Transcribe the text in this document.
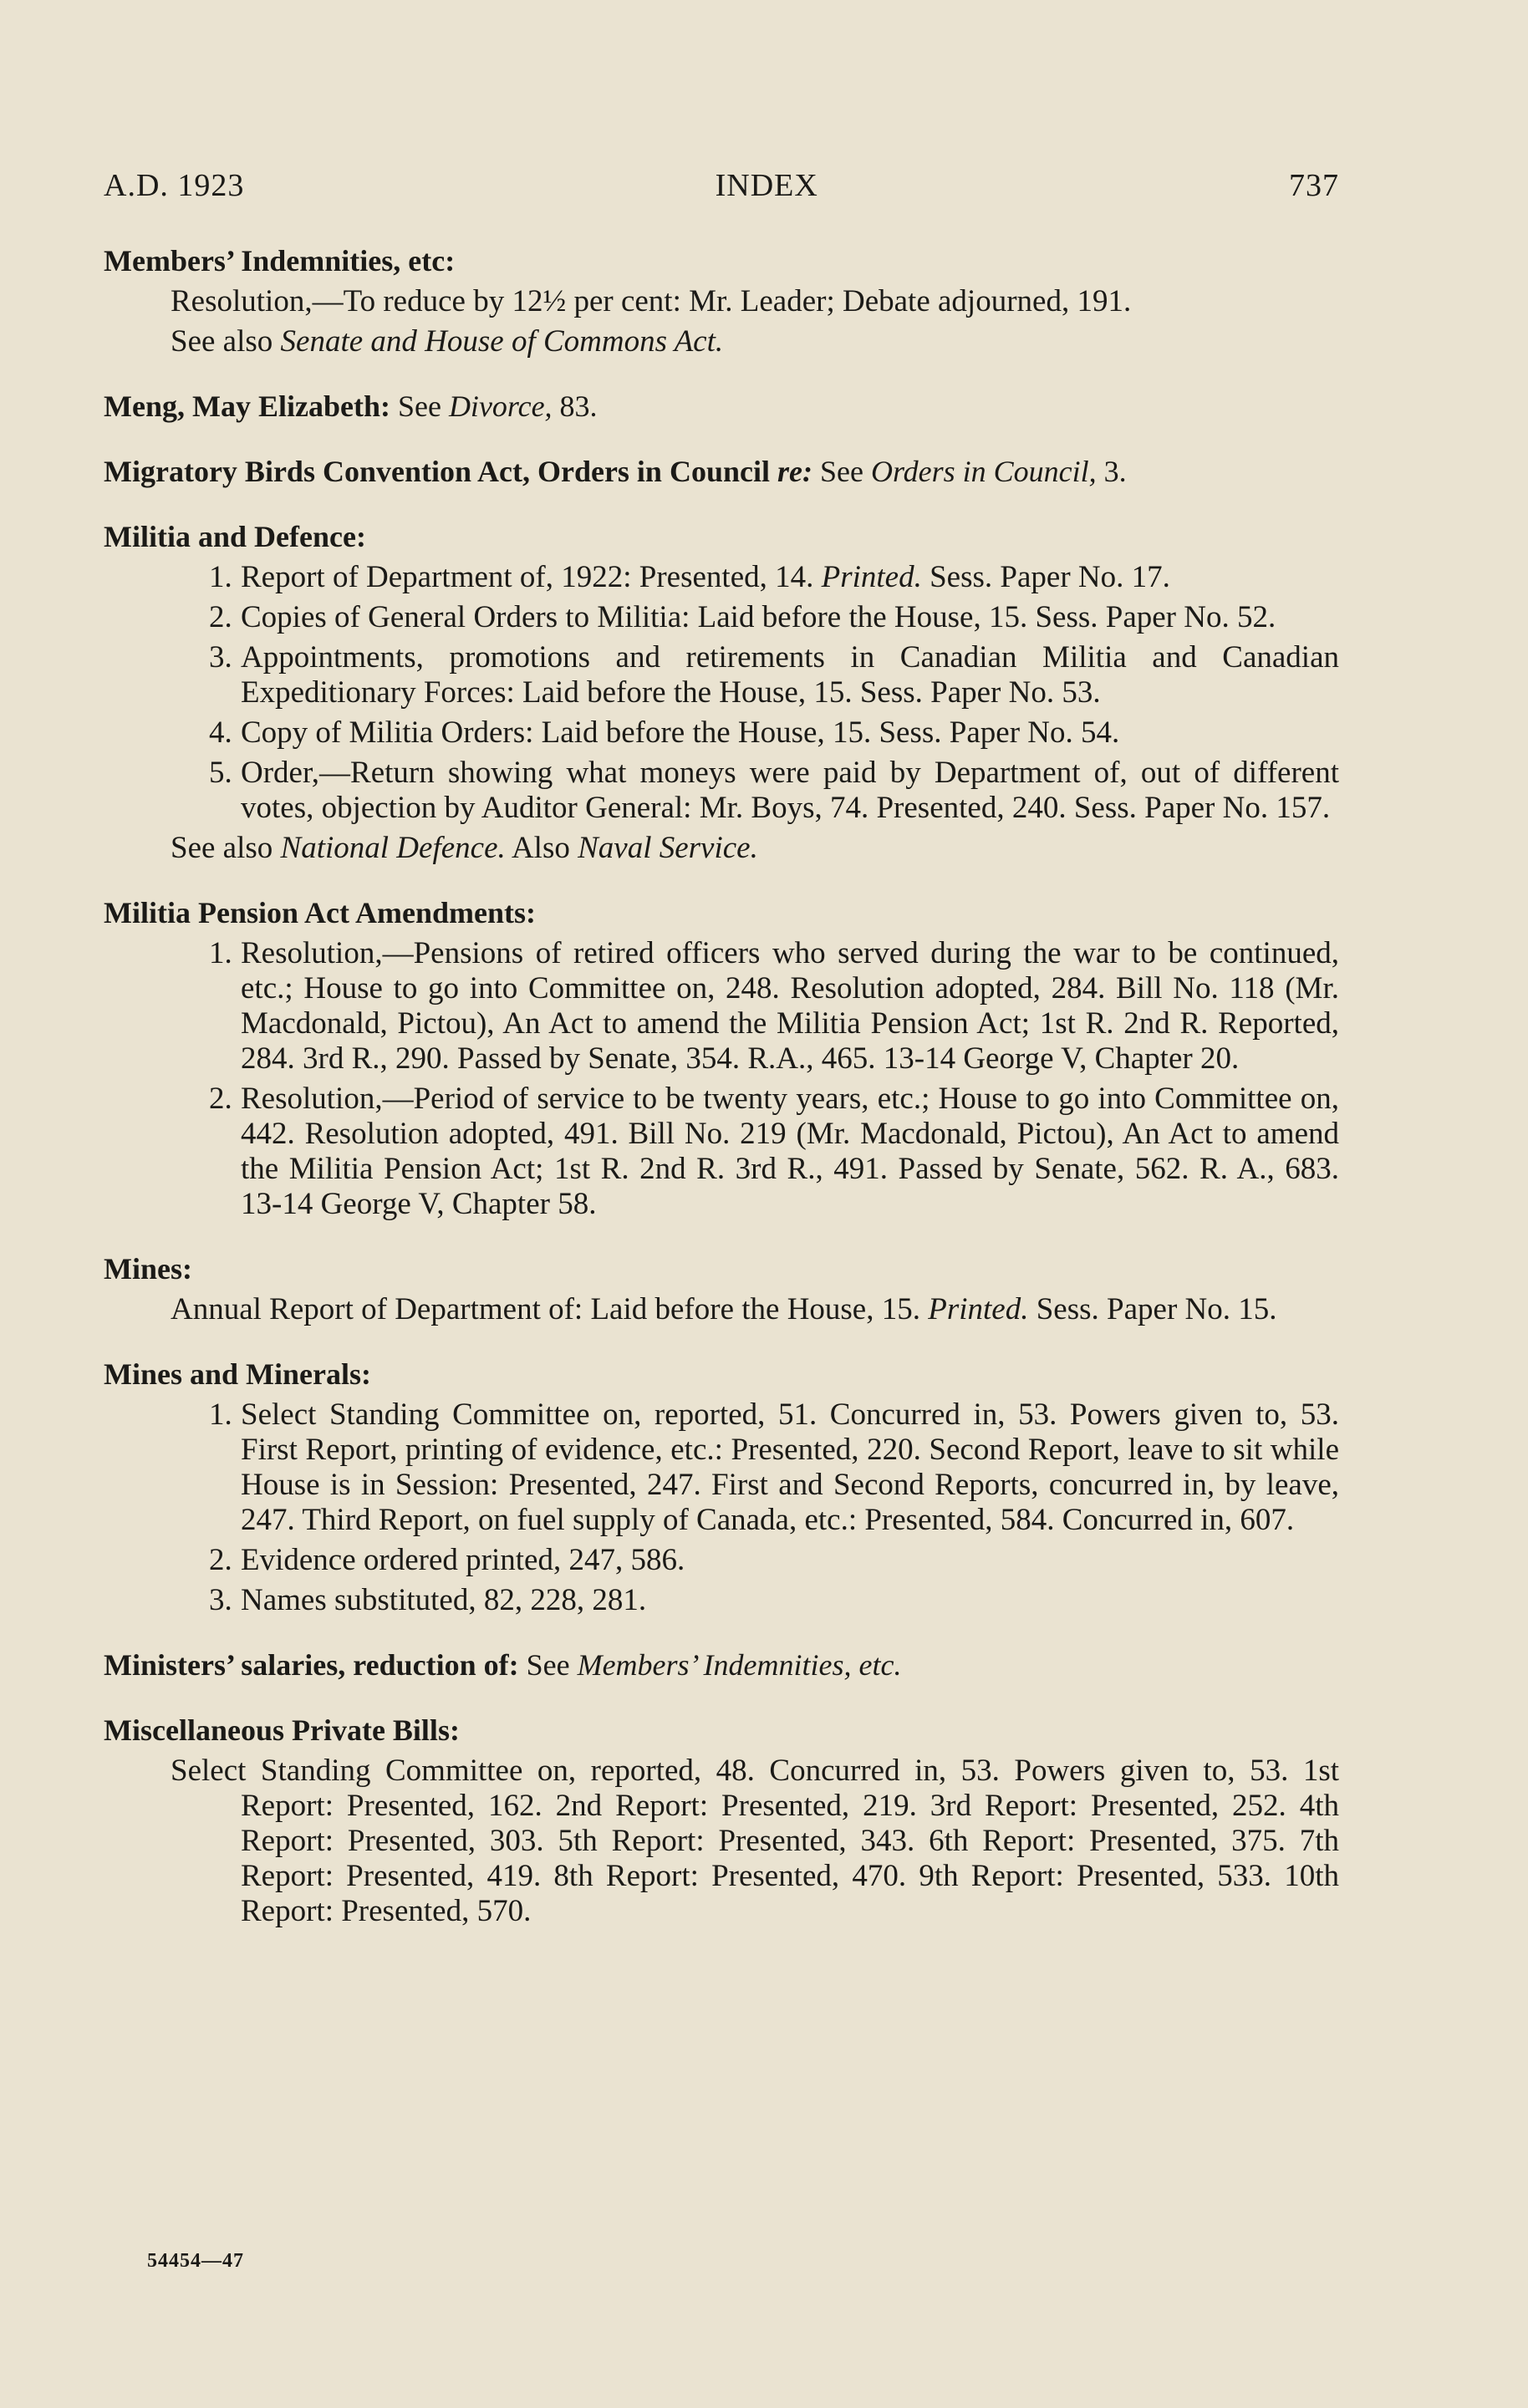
A.D. 1923	INDEX	737
Members’ Indemnities, etc:
Resolution,—To reduce by 12½ per cent: Mr. Leader; Debate adjourned, 191.
See also Senate and House of Commons Act.
Meng, May Elizabeth: See Divorce, 83.
Migratory Birds Convention Act, Orders in Council re: See Orders in Council, 3.
Militia and Defence:
1. Report of Department of, 1922: Presented, 14. Printed. Sess. Paper No. 17.
2. Copies of General Orders to Militia: Laid before the House, 15. Sess. Paper No. 52.
3. Appointments, promotions and retirements in Canadian Militia and Canadian Expeditionary Forces: Laid before the House, 15. Sess. Paper No. 53.
4. Copy of Militia Orders: Laid before the House, 15. Sess. Paper No. 54.
5. Order,—Return showing what moneys were paid by Department of, out of different votes, objection by Auditor General: Mr. Boys, 74. Presented, 240. Sess. Paper No. 157.
See also National Defence. Also Naval Service.
Militia Pension Act Amendments:
1. Resolution,—Pensions of retired officers who served during the war to be continued, etc.; House to go into Committee on, 248. Resolution adopted, 284. Bill No. 118 (Mr. Macdonald, Pictou), An Act to amend the Militia Pension Act; 1st R. 2nd R. Reported, 284. 3rd R., 290. Passed by Senate, 354. R.A., 465. 13-14 George V, Chapter 20.
2. Resolution,—Period of service to be twenty years, etc.; House to go into Committee on, 442. Resolution adopted, 491. Bill No. 219 (Mr. Macdonald, Pictou), An Act to amend the Militia Pension Act; 1st R. 2nd R. 3rd R., 491. Passed by Senate, 562. R. A., 683. 13-14 George V, Chapter 58.
Mines:
Annual Report of Department of: Laid before the House, 15. Printed. Sess. Paper No. 15.
Mines and Minerals:
1. Select Standing Committee on, reported, 51. Concurred in, 53. Powers given to, 53. First Report, printing of evidence, etc.: Presented, 220. Second Report, leave to sit while House is in Session: Presented, 247. First and Second Reports, concurred in, by leave, 247. Third Report, on fuel supply of Canada, etc.: Presented, 584. Concurred in, 607.
2. Evidence ordered printed, 247, 586.
3. Names substituted, 82, 228, 281.
Ministers’ salaries, reduction of: See Members’ Indemnities, etc.
Miscellaneous Private Bills:
Select Standing Committee on, reported, 48. Concurred in, 53. Powers given to, 53. 1st Report: Presented, 162. 2nd Report: Presented, 219. 3rd Report: Presented, 252. 4th Report: Presented, 303. 5th Report: Presented, 343. 6th Report: Presented, 375. 7th Report: Presented, 419. 8th Report: Presented, 470. 9th Report: Presented, 533. 10th Report: Presented, 570.
54454—47
